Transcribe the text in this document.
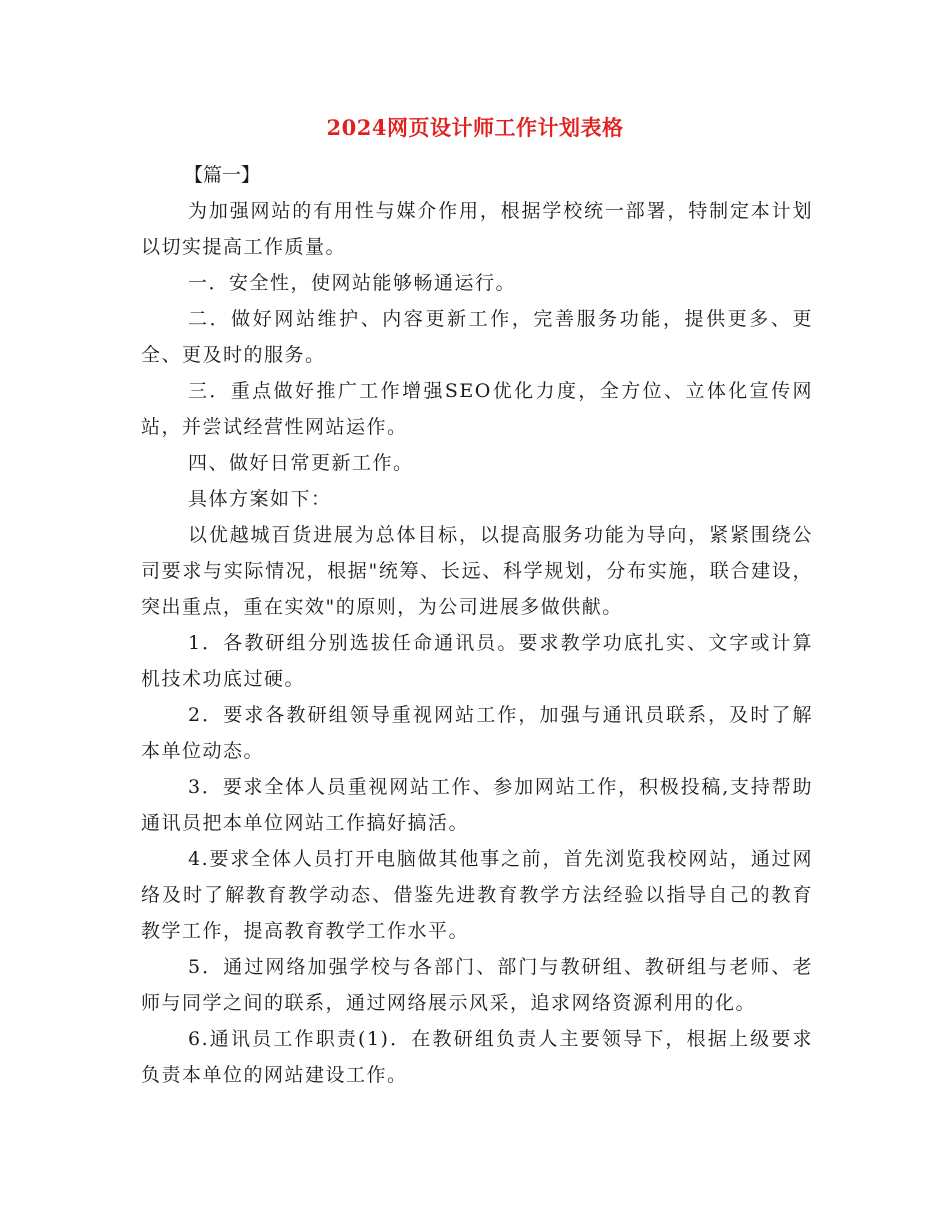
2024网页设计师工作计划表格

【篇一】

为加强网站的有用性与媒介作用，根据学校统一部署，特制定本计划以切实提高工作质量。

一．安全性，使网站能够畅通运行。

二．做好网站维护、内容更新工作，完善服务功能，提供更多、更全、更及时的服务。

三．重点做好推广工作增强SEO优化力度，全方位、立体化宣传网站，并尝试经营性网站运作。

四、做好日常更新工作。

具体方案如下：

以优越城百货进展为总体目标，以提高服务功能为导向，紧紧围绕公司要求与实际情况，根据"统筹、长远、科学规划，分布实施，联合建设，突出重点，重在实效"的原则，为公司进展多做供献。

1．各教研组分别选拔任命通讯员。要求教学功底扎实、文字或计算机技术功底过硬。

2．要求各教研组领导重视网站工作，加强与通讯员联系，及时了解本单位动态。

3．要求全体人员重视网站工作、参加网站工作，积极投稿,支持帮助通讯员把本单位网站工作搞好搞活。

4.要求全体人员打开电脑做其他事之前，首先浏览我校网站，通过网络及时了解教育教学动态、借鉴先进教育教学方法经验以指导自己的教育教学工作，提高教育教学工作水平。

5．通过网络加强学校与各部门、部门与教研组、教研组与老师、老师与同学之间的联系，通过网络展示风采，追求网络资源利用的化。

6.通讯员工作职责(1)．在教研组负责人主要领导下，根据上级要求负责本单位的网站建设工作。
